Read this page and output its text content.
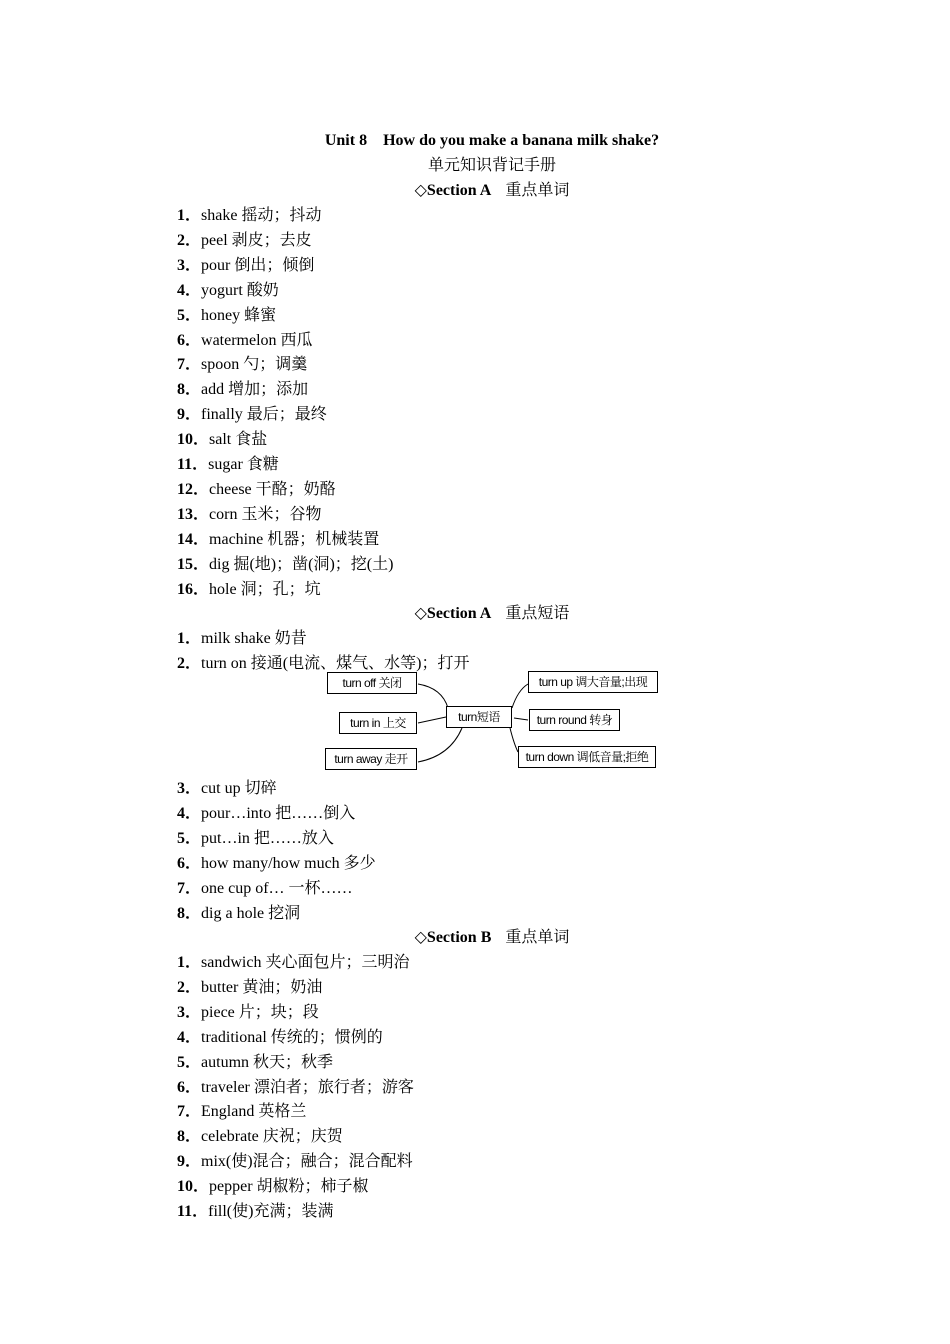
Unit 8　How do you make a banana milk shake?
单元知识背记手册
◇Section A 重点单词
1．shake 摇动；抖动
2．peel 剥皮；去皮
3．pour 倒出；倾倒
4．yogurt 酸奶
5．honey 蜂蜜
6．watermelon 西瓜
7．spoon 勺；调羹
8．add 增加；添加
9．finally 最后；最终
10．salt 食盐
11．sugar 食糖
12．cheese 干酪；奶酪
13．corn 玉米；谷物
14．machine 机器；机械装置
15．dig 掘(地)；凿(洞)；挖(土)
16．hole 洞；孔；坑
◇Section A 重点短语
1．milk shake 奶昔
2．turn on 接通(电流、煤气、水等)；打开
turn off 关闭
turn in 上交
turn away 走开
turn短语
turn up 调大音量;出现
turn round 转身
turn down 调低音量;拒绝
3．cut up 切碎
4．pour…into 把……倒入
5．put…in 把……放入
6．how many/how much 多少
7．one cup of… 一杯……
8．dig a hole 挖洞
◇Section B 重点单词
1．sandwich 夹心面包片；三明治
2．butter 黄油；奶油
3．piece 片；块；段
4．traditional 传统的；惯例的
5．autumn 秋天；秋季
6．traveler 漂泊者；旅行者；游客
7．England 英格兰
8．celebrate 庆祝；庆贺
9．mix(使)混合；融合；混合配料
10．pepper 胡椒粉；柿子椒
11．fill(使)充满；装满
